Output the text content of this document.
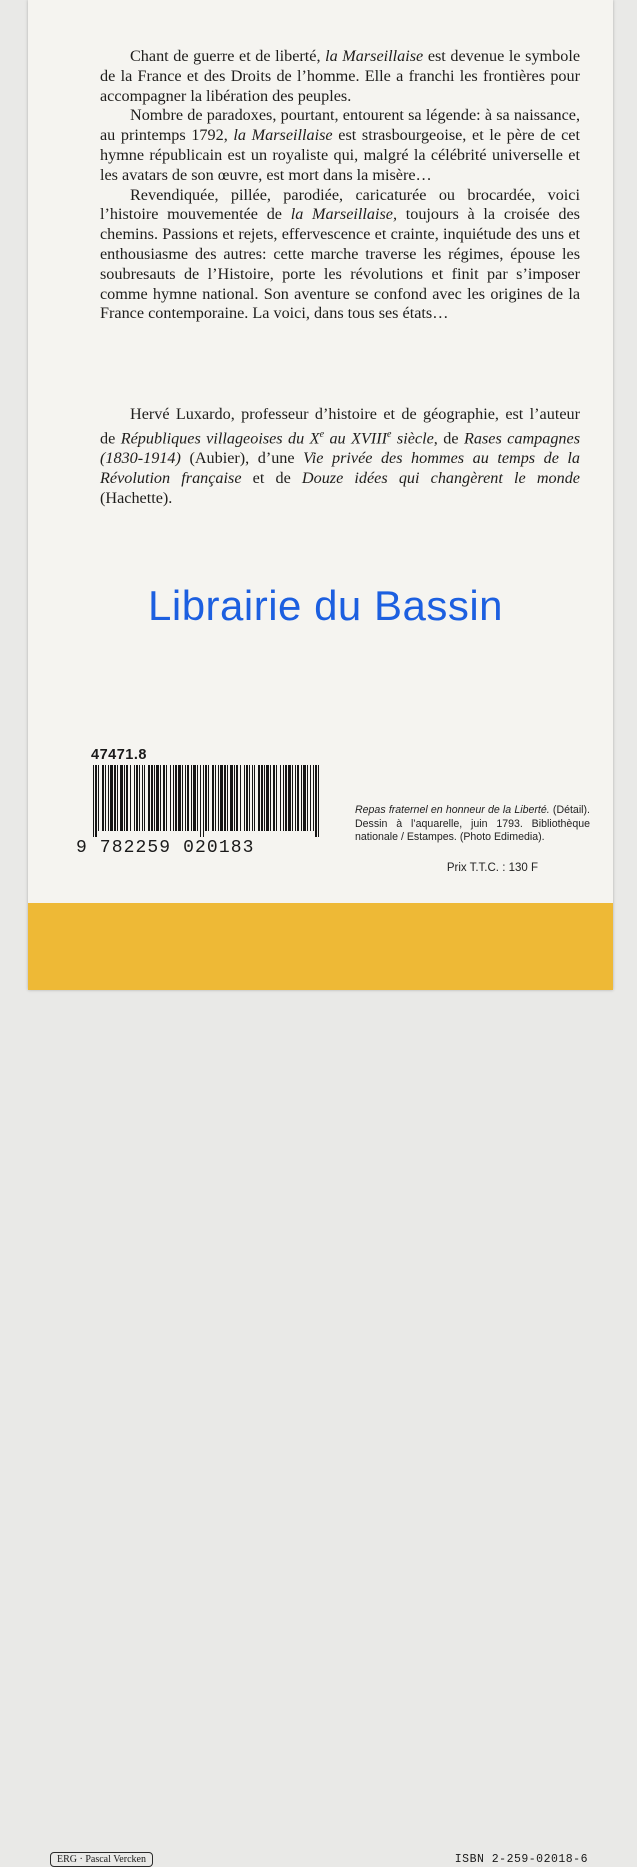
Chant de guerre et de liberté, la Marseillaise est devenue le symbole de la France et des Droits de l’homme. Elle a franchi les frontières pour accompagner la libération des peuples.

Nombre de paradoxes, pourtant, entourent sa légende: à sa naissance, au printemps 1792, la Marseillaise est strasbourgeoise, et le père de cet hymne républicain est un royaliste qui, malgré la célébrité universelle et les avatars de son œuvre, est mort dans la misère…

Revendiquée, pillée, parodiée, caricaturée ou brocardée, voici l’histoire mouvementée de la Marseillaise, toujours à la croisée des chemins. Passions et rejets, effervescence et crainte, inquiétude des uns et enthousiasme des autres: cette marche traverse les régimes, épouse les soubresauts de l’Histoire, porte les révolutions et finit par s’imposer comme hymne national. Son aventure se confond avec les origines de la France contemporaine. La voici, dans tous ses états…

Hervé Luxardo, professeur d’histoire et de géographie, est l’auteur de Républiques villageoises du Xe au XVIIIe siècle, de Rases campagnes (1830-1914) (Aubier), d’une Vie privée des hommes au temps de la Révolution française et de Douze idées qui changèrent le monde (Hachette).

Librairie du Bassin
47471.8
9 782259 020183
Repas fraternel en honneur de la Liberté. (Détail). Dessin à l’aquarelle, juin 1793. Bibliothèque nationale / Estampes. (Photo Edimedia).
Prix T.T.C. : 130 F
ERG · Pascal Vercken	ISBN 2-259-02018-6
